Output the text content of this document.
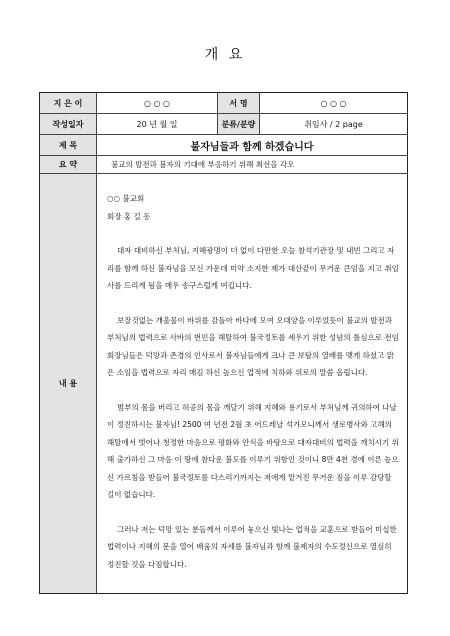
개 요
지 은 이	○ ○ ○	서 명	○ ○ ○
작성일자	20 년 월 일	분류/분량	취임사 / 2 page
제 목	불자님들과 함께 하겠습니다
요 약	불교의 발전과 불자의 기대에 부응하기 위해 최선을 각오
내 용

○○ 불교회

회장 홍 길 동

대자 대비하신 부처님, 지혜광명이 더 없이 다만한 오늘 참석기관장 및 내빈 그리고 자리를 함께 하신 불자님을 모신 가운데 미약 소지한 제가 대산같이 무거운 큰임을 지고 취임사를 드리게 됨을 매우 송구스럽게 여깁니다.

보잘것없는 개울물이 바위를 감돌아 바다에 모여 오대양을 이루었듯이 불교의 발전과 부처님의 법력으로 사바의 번민을 해탈하여 불국정토를 세우기 위한 성념의 틀심으로 전임 회장님들은 덕망과 존경의 인사로서 불자님들에게 크나 큰 보탐의 열배를 맺게 하셨고 맑은 소임을 법력으로 자리 매김 하신 높으신 업적에 치하와 위로의 말씀 올립니다.

범부의 몸을 버리고 허공의 몸을 깨달기 위해 지혜와 용기로서 부처님께 귀의하여 나날이 정진하시는 불자님! 2500 여 년전 2월 초 어드레날 석가모니께서 생로병사와 고해의 해탈에서 벗어나 청정한 마음으로 평화와 안식을 바탕으로 대자대비의 법력을 깨치시기 위해 출가하신 그 마음 이 땅에 참다운 불도를 이루기 위함인 것이니 8만 4천 경에 이른 높으신 가르침을 받들어 불국정토를 다스리기까지는 저에게 맡겨진 무거운 짐을 이루 감당할 길이 없습니다.

그러나 저는 덕망 있는 분들께서 이루어 놓으신 빛나는 업적을 교훈으로 받들어 미십한 법력이나 지혜의 문을 열어 배움의 자세를 불자님과 함께 불제자의 수도정신으로 열심히 정진할 것을 다짐합니다.
